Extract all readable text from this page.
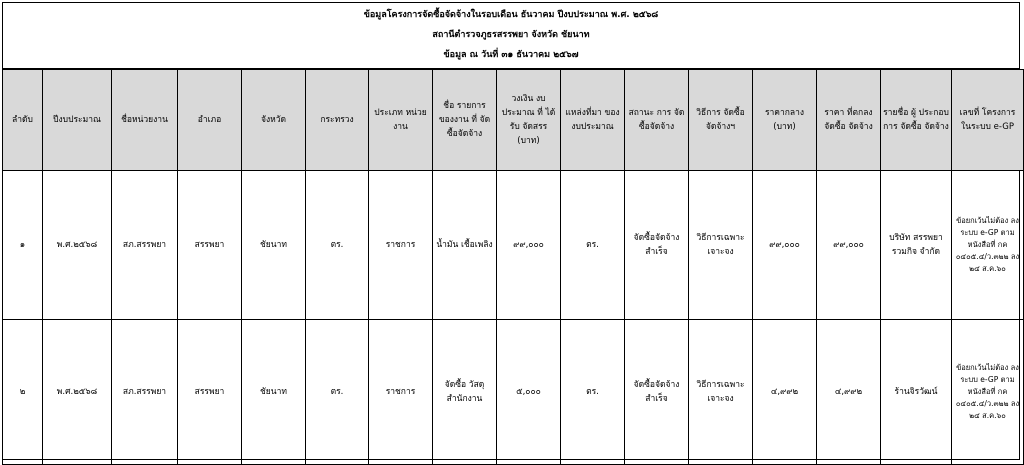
ข้อมูลโครงการจัดซื้อจัดจ้างในรอบเดือน ธันวาคม ปีงบประมาณ พ.ศ. ๒๕๖๘
สถานีตำรวจภูธรสรรพยา จังหวัด ชัยนาท
ข้อมูล ณ วันที่ ๓๑ ธันวาคม ๒๕๖๗
ลำดับ	ปีงบประมาณ	ชื่อหน่วยงาน	อำเภอ	จังหวัด	กระทรวง	ประเภท หน่วยงาน	ชื่อ รายการ ของงาน ที่ จัดซื้อจัดจ้าง	วงเงิน งบประมาณ ที่ ได้รับ จัดสรร (บาท)	แหล่งที่มา ของ งบประมาณ	สถานะ การ จัด ซื้อจัดจ้าง	วิธีการ จัดซื้อ จัดจ้างฯ	ราคากลาง (บาท)	ราคา ที่ตกลง จัดซื้อ จัดจ้าง	รายชื่อ ผู้ ประกอบ การ จัดซื้อ จัดจ้าง	เลขที่ โครงการ ในระบบ e-GP
๑	พ.ศ.๒๕๖๘	สภ.สรรพยา	สรรพยา	ชัยนาท	ตร.	ราชการ	น้ำมัน เชื้อเพลิง	๙๙,๐๐๐	ตร.	จัดซื้อจัดจ้าง สำเร็จ	วิธีการเฉพาะ เจาะจง	๙๙,๐๐๐	๙๙,๐๐๐	บริษัท สรรพยา รวมกิจ จำกัด	ข้อยกเว้นไม่ต้อง ลงระบบ e-GP ตามหนังสือที่ กค ๐๔๐๕.๔/ว.๓๒๒ ลง ๒๔ ส.ค.๖๐
๒	พ.ศ.๒๕๖๘	สภ.สรรพยา	สรรพยา	ชัยนาท	ตร.	ราชการ	จัดซื้อ วัสดุ สำนักงาน	๕,๐๐๐	ตร.	จัดซื้อจัดจ้าง สำเร็จ	วิธีการเฉพาะ เจาะจง	๔,๙๙๒	๔,๙๙๒	ร้านจิรวัฒน์	ข้อยกเว้นไม่ต้อง ลงระบบ e-GP ตามหนังสือที่ กค ๐๔๐๕.๔/ว.๓๒๒ ลง ๒๔ ส.ค.๖๐
